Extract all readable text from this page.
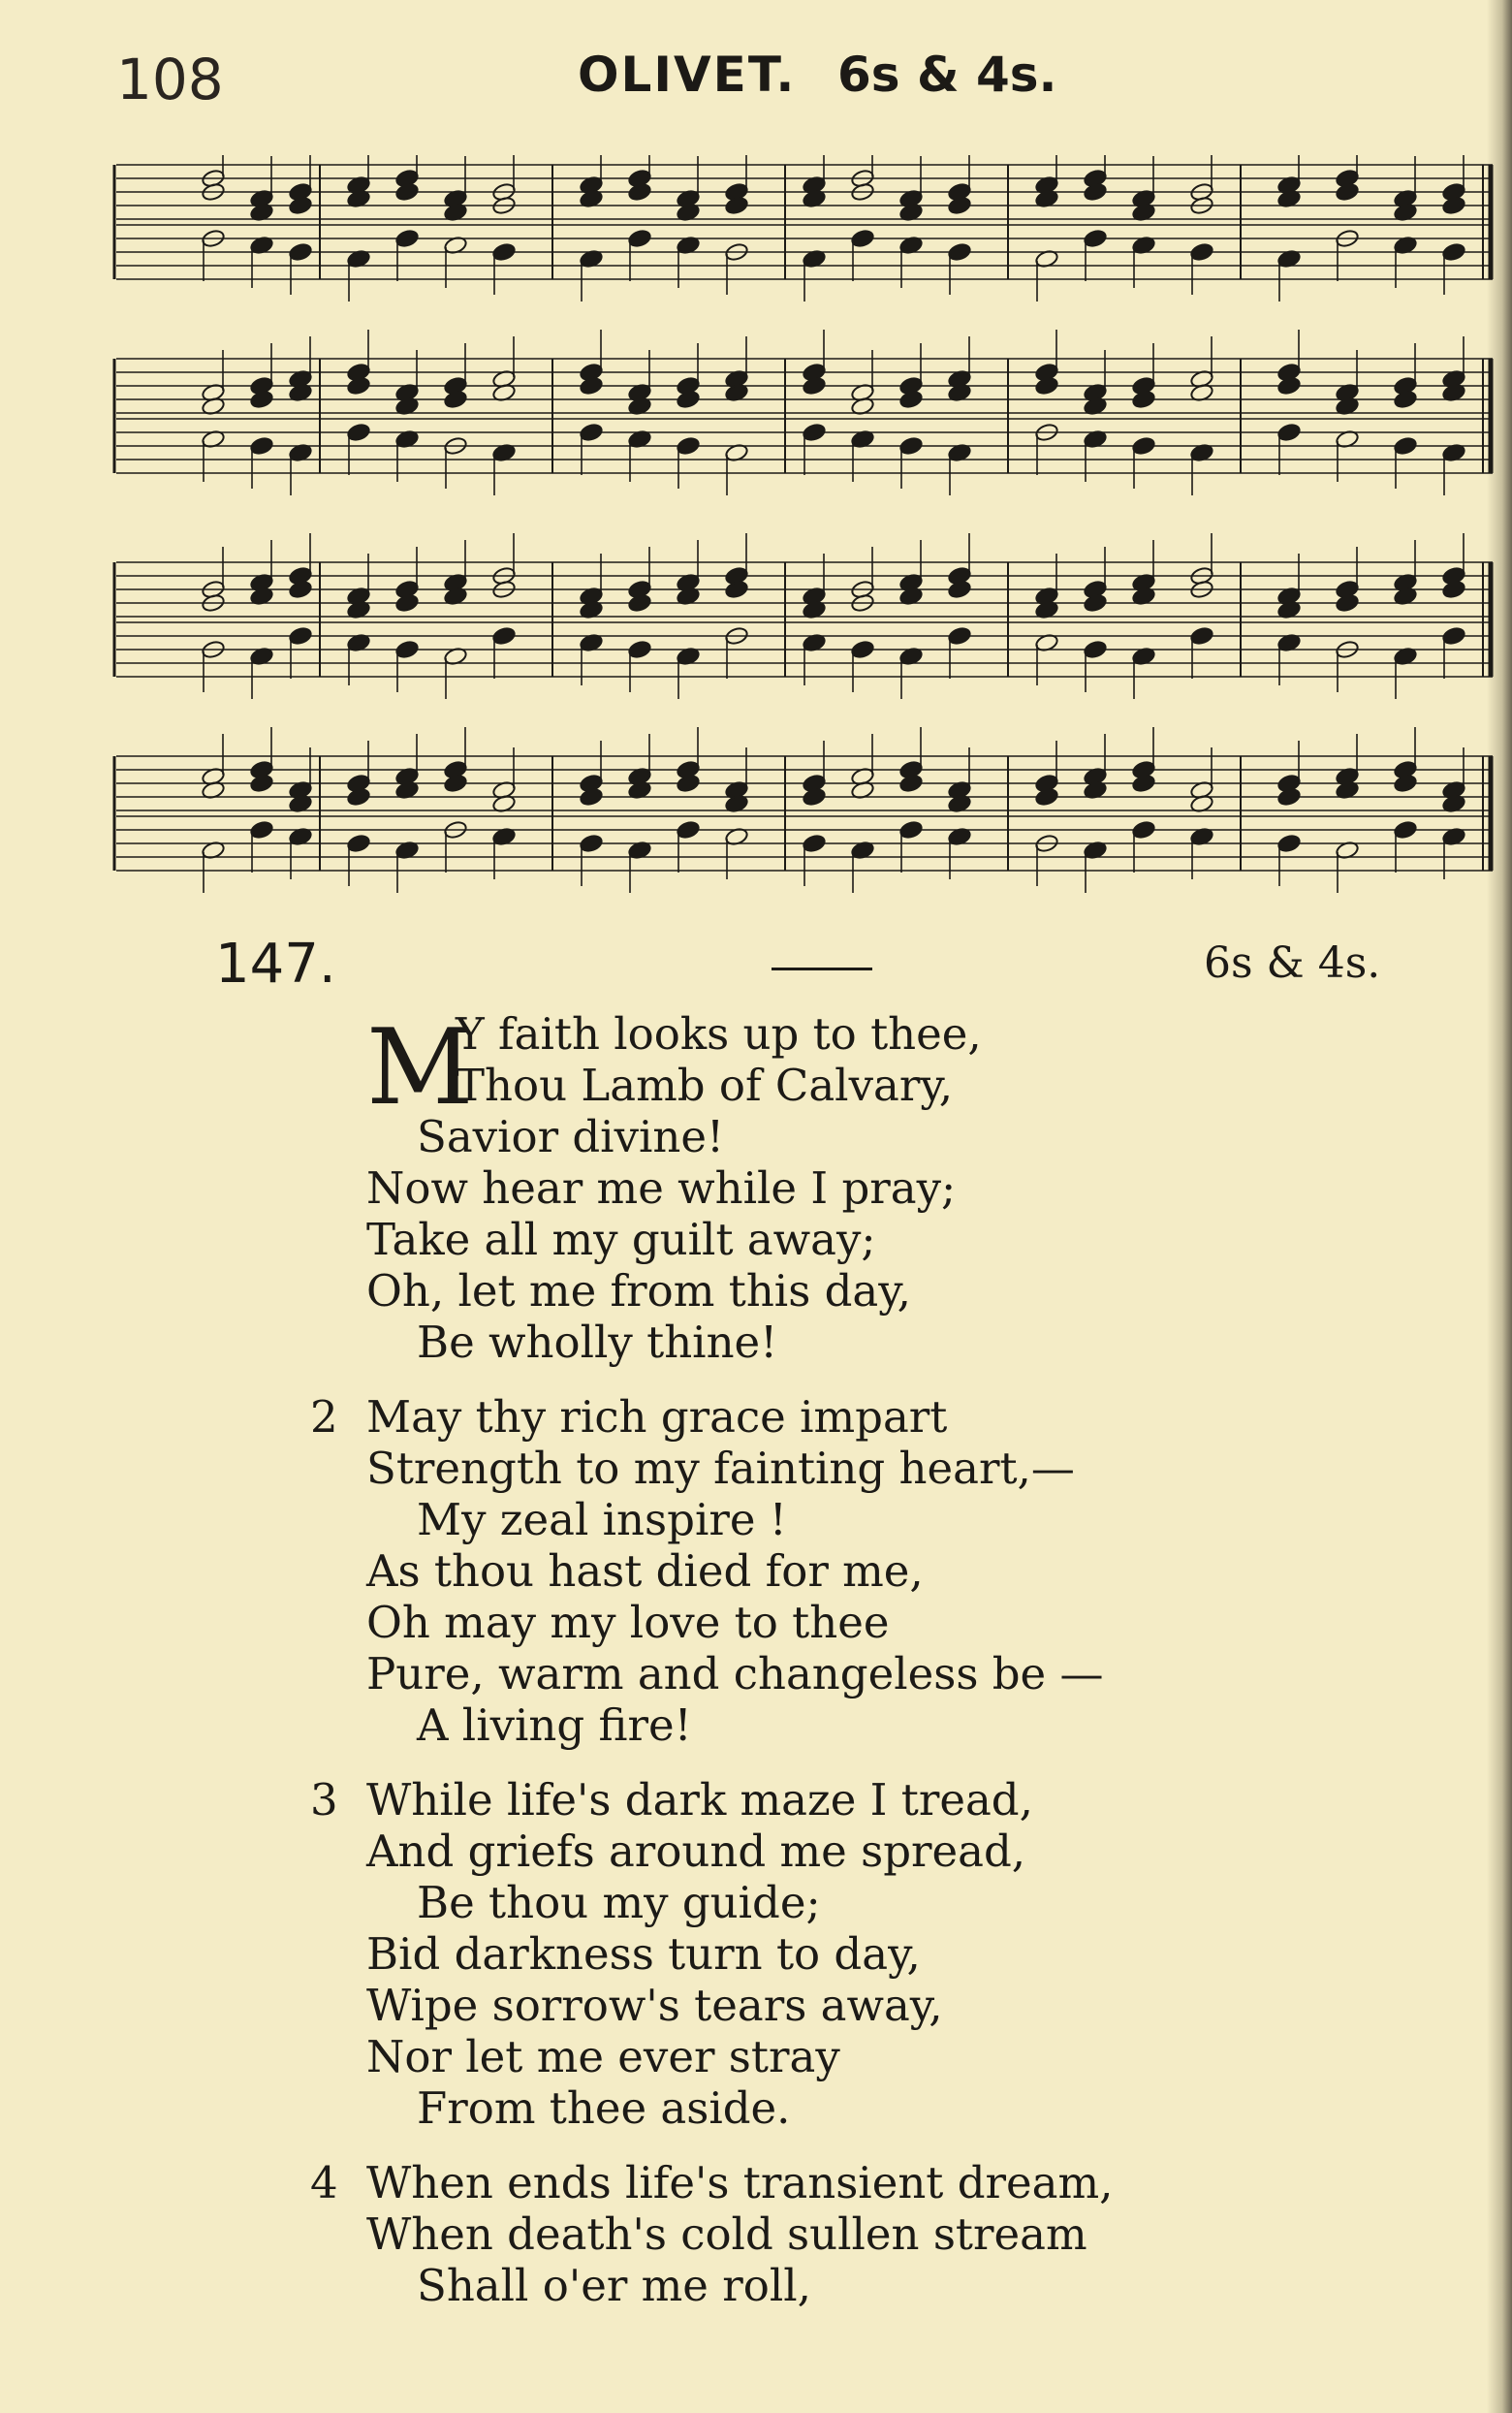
108	OLIVET. 6s & 4s.
147.	6s & 4s.
M
Y faith looks up to thee,
Thou Lamb of Calvary,
Savior divine!
Now hear me while I pray;
Take all my guilt away;
Oh, let me from this day,
Be wholly thine!
2 May thy rich grace impart
Strength to my fainting heart,—
My zeal inspire !
As thou hast died for me,
Oh may my love to thee
Pure, warm and changeless be —
A living fire!
3 While life's dark maze I tread,
And griefs around me spread,
Be thou my guide;
Bid darkness turn to day,
Wipe sorrow's tears away,
Nor let me ever stray
From thee aside.
4 When ends life's transient dream,
When death's cold sullen stream
Shall o'er me roll,
